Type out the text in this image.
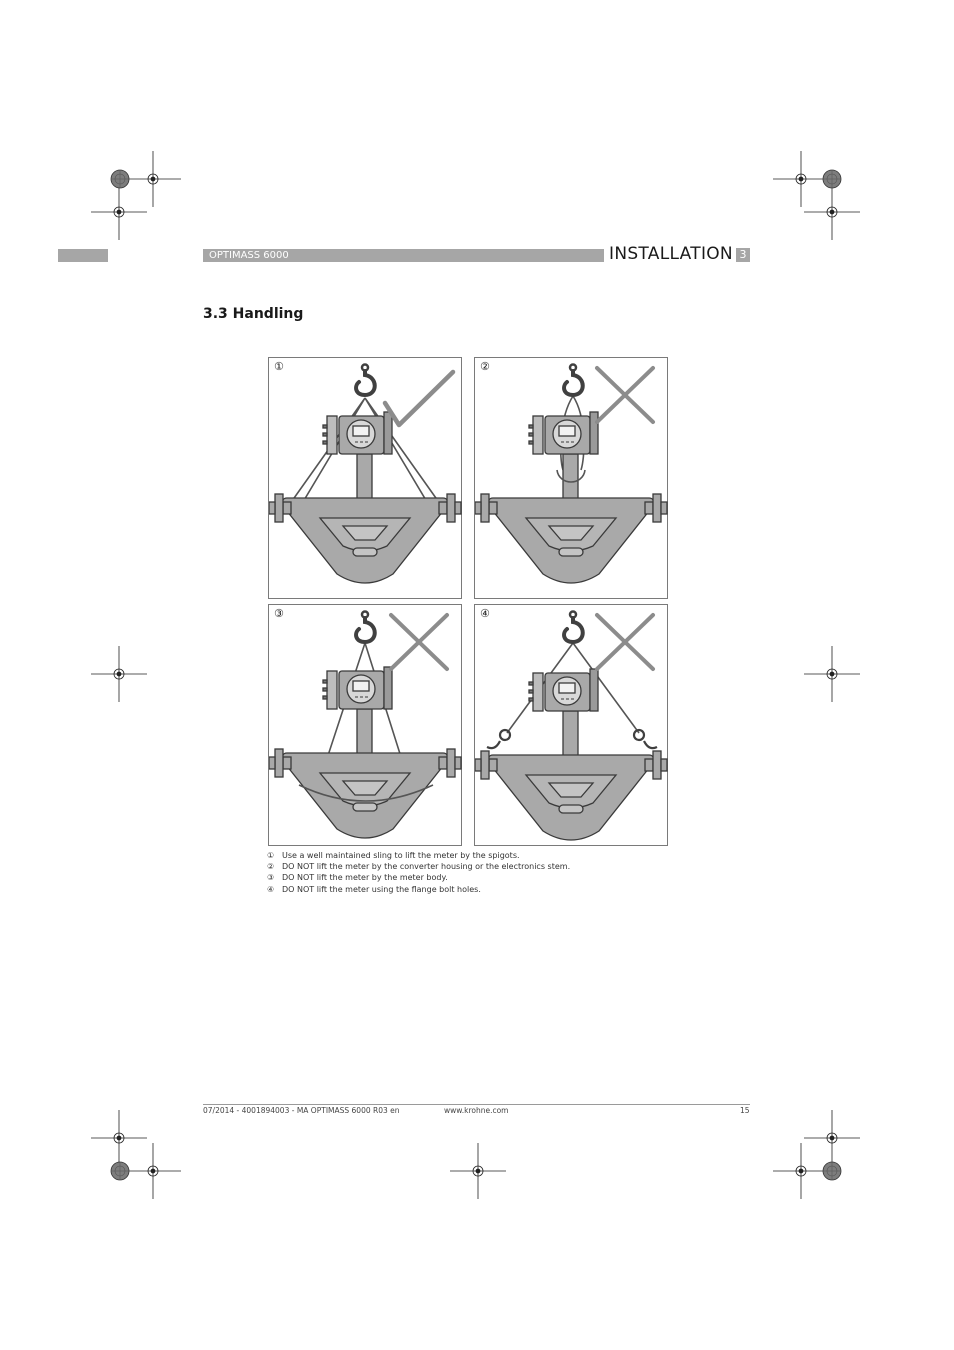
OPTIMASS 6000	INSTALLATION 3
3.3 Handling
①	②
③	④
① Use a well maintained sling to lift the meter by the spigots.
② DO NOT lift the meter by the converter housing or the electronics stem.
③ DO NOT lift the meter by the meter body.
④ DO NOT lift the meter using the flange bolt holes.
07/2014 - 4001894003 - MA OPTIMASS 6000 R03 en	www.krohne.com	15
